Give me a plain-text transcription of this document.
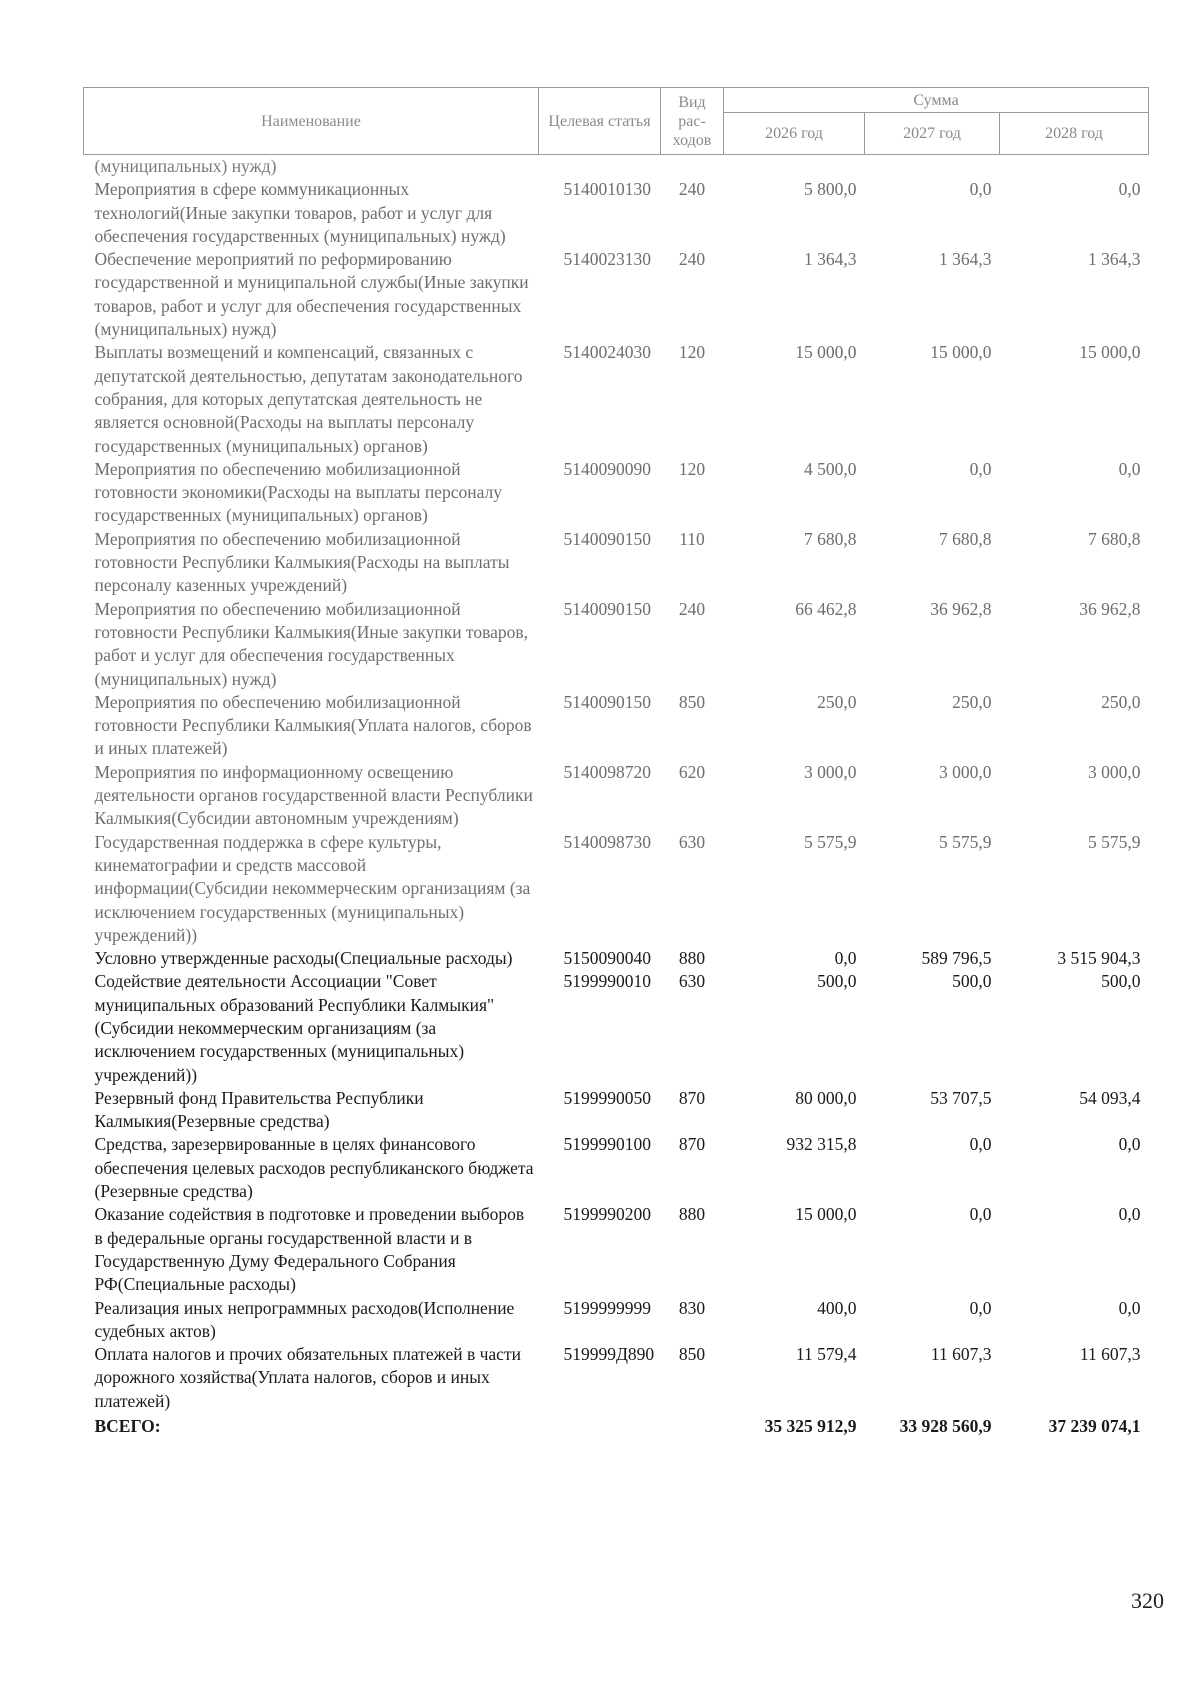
Наименование	Целевая статья	Вид рас-ходов	Сумма		
			2026 год	2027 год	2028 год
(муниципальных) нужд)					
Мероприятия в сфере коммуникационных технологий(Иные закупки товаров, работ и услуг для обеспечения государственных (муниципальных) нужд)	5140010130	240	5 800,0	0,0	0,0
Обеспечение мероприятий по реформированию государственной и муниципальной службы(Иные закупки товаров, работ и услуг для обеспечения государственных (муниципальных) нужд)	5140023130	240	1 364,3	1 364,3	1 364,3
Выплаты возмещений и компенсаций, связанных с депутатской деятельностью, депутатам законодательного собрания, для которых депутатская деятельность не является основной(Расходы на выплаты персоналу государственных (муниципальных) органов)	5140024030	120	15 000,0	15 000,0	15 000,0
Мероприятия по обеспечению мобилизационной готовности экономики(Расходы на выплаты персоналу государственных (муниципальных) органов)	5140090090	120	4 500,0	0,0	0,0
Мероприятия по обеспечению мобилизационной готовности Республики Калмыкия(Расходы на выплаты персоналу казенных учреждений)	5140090150	110	7 680,8	7 680,8	7 680,8
Мероприятия по обеспечению мобилизационной готовности Республики Калмыкия(Иные закупки товаров, работ и услуг для обеспечения государственных (муниципальных) нужд)	5140090150	240	66 462,8	36 962,8	36 962,8
Мероприятия по обеспечению мобилизационной готовности Республики Калмыкия(Уплата налогов, сборов и иных платежей)	5140090150	850	250,0	250,0	250,0
Мероприятия по информационному освещению деятельности органов государственной власти Республики Калмыкия(Субсидии автономным учреждениям)	5140098720	620	3 000,0	3 000,0	3 000,0
Государственная поддержка в сфере культуры, кинематографии и средств массовой информации(Субсидии некоммерческим организациям (за исключением государственных (муниципальных) учреждений))	5140098730	630	5 575,9	5 575,9	5 575,9
Условно утвержденные расходы(Специальные расходы)	5150090040	880	0,0	589 796,5	3 515 904,3
Содействие деятельности Ассоциации "Совет муниципальных образований Республики Калмыкия"(Субсидии некоммерческим организациям (за исключением государственных (муниципальных) учреждений))	5199990010	630	500,0	500,0	500,0
Резервный фонд Правительства Республики Калмыкия(Резервные средства)	5199990050	870	80 000,0	53 707,5	54 093,4
Средства, зарезервированные в целях финансового обеспечения целевых расходов республиканского бюджета (Резервные средства)	5199990100	870	932 315,8	0,0	0,0
Оказание содействия в подготовке и проведении выборов в федеральные органы государственной власти и в Государственную Думу Федерального Собрания РФ(Специальные расходы)	5199990200	880	15 000,0	0,0	0,0
Реализация иных непрограммных расходов(Исполнение судебных актов)	5199999999	830	400,0	0,0	0,0
Оплата налогов и прочих обязательных платежей в части дорожного хозяйства(Уплата налогов, сборов и иных платежей)	519999Д890	850	11 579,4	11 607,3	11 607,3
ВСЕГО:			35 325 912,9	33 928 560,9	37 239 074,1
320
